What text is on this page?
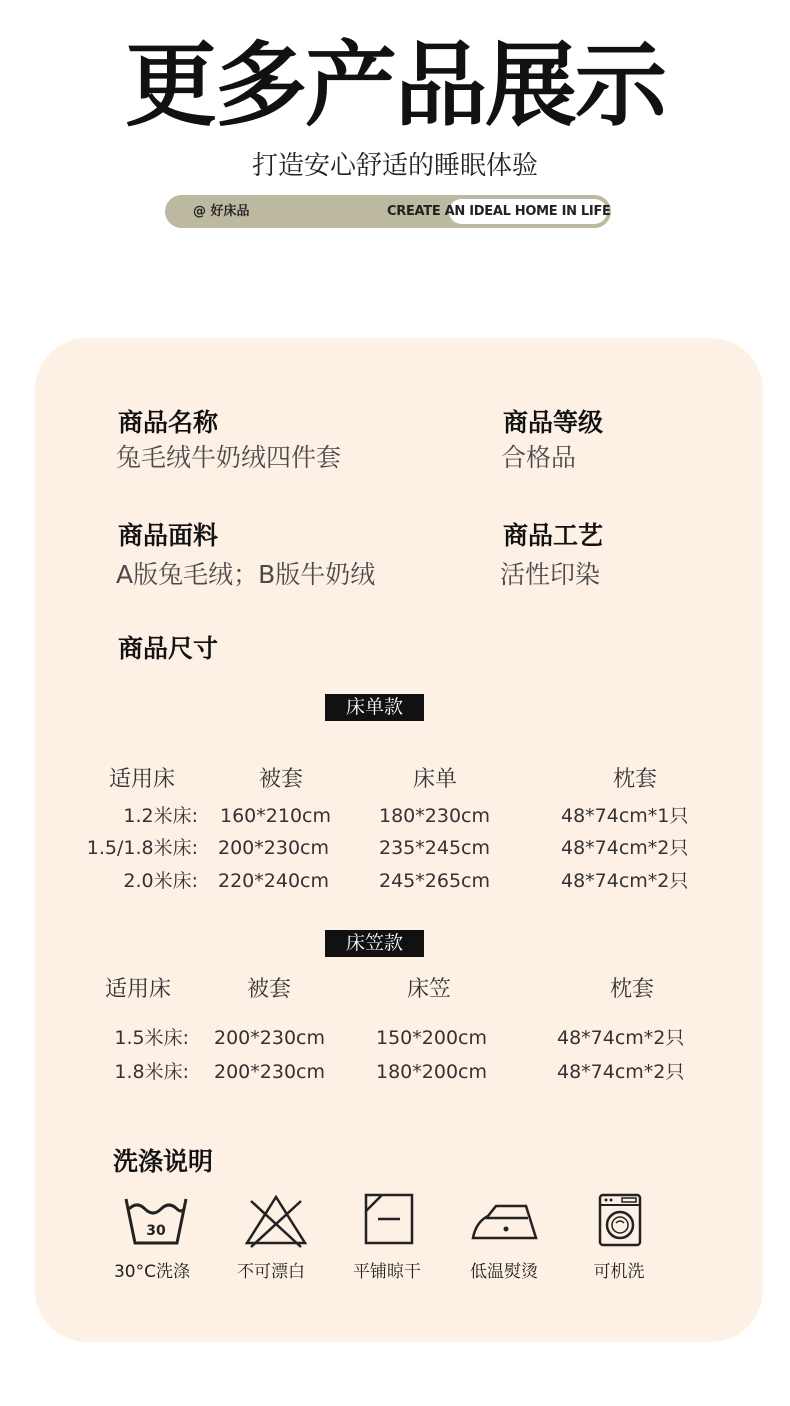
更多产品展示
打造安心舒适的睡眠体验
@ 好床品	CREATE AN IDEAL HOME IN LIFE
商品名称
兔毛绒牛奶绒四件套
商品等级
合格品
商品面料
A版兔毛绒；B版牛奶绒
商品工艺
活性印染
商品尺寸
床单款
适用床	被套	床单	枕套
1.2米床: 160*210cm	180*230cm	48*74cm*1只
1.5/1.8米床: 200*230cm	235*245cm	48*74cm*2只
2.0米床: 220*240cm	245*265cm	48*74cm*2只
床笠款
适用床	被套	床笠	枕套
1.5米床: 200*230cm	150*200cm	48*74cm*2只
1.8米床: 200*230cm	180*200cm	48*74cm*2只
洗涤说明
30
30°C洗涤	不可漂白	平铺晾干	低温熨烫	可机洗
